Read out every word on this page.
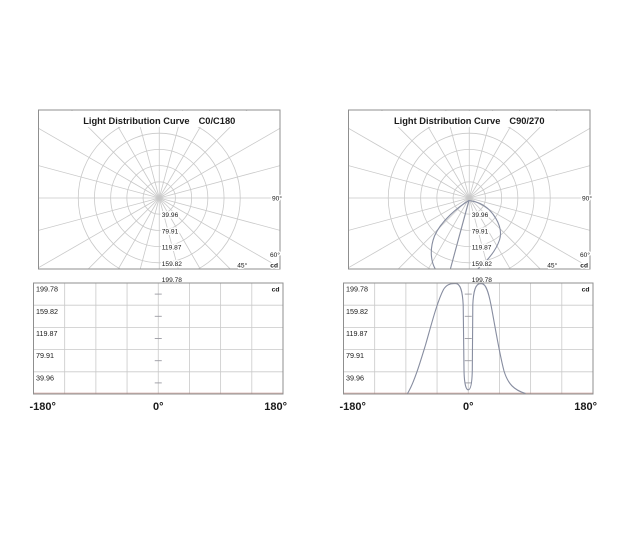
Light Distribution Curve C0/C180
39.96
79.91
119.87
159.82
199.78
90°
60°
45°	cd
Light Distribution Curve C90/270
39.96
79.91
119.87
159.82
199.78
90°
60°
45°	cd
199.78
159.82
119.87
79.91
39.96
cd
-180°	0°	180°
199.78
159.82
119.87
79.91
39.96
cd
-180°	0°	180°
